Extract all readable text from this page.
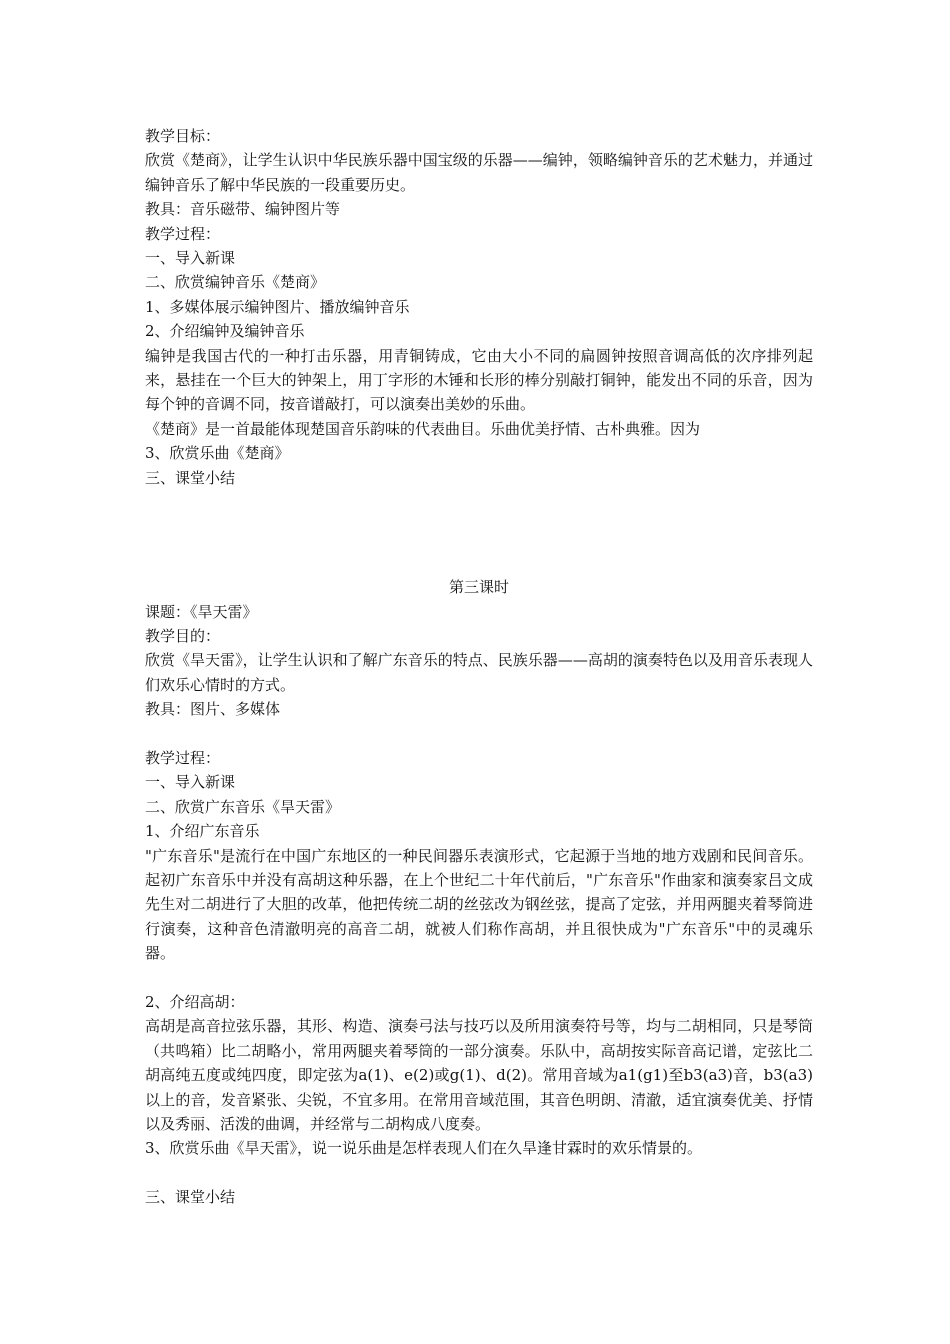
教学目标：
欣赏《楚商》，让学生认识中华民族乐器中国宝级的乐器——编钟，领略编钟音乐的艺术魅力，并通过编钟音乐了解中华民族的一段重要历史。
教具：音乐磁带、编钟图片等
教学过程：
一、导入新课
二、欣赏编钟音乐《楚商》
1、多媒体展示编钟图片、播放编钟音乐
2、介绍编钟及编钟音乐
编钟是我国古代的一种打击乐器，用青铜铸成，它由大小不同的扁圆钟按照音调高低的次序排列起来，悬挂在一个巨大的钟架上，用丁字形的木锤和长形的棒分别敲打铜钟，能发出不同的乐音，因为每个钟的音调不同，按音谱敲打，可以演奏出美妙的乐曲。
《楚商》是一首最能体现楚国音乐韵味的代表曲目。乐曲优美抒情、古朴典雅。因为
3、欣赏乐曲《楚商》
三、课堂小结
第三课时
课题：《旱天雷》
教学目的：
欣赏《旱天雷》，让学生认识和了解广东音乐的特点、民族乐器——高胡的演奏特色以及用音乐表现人们欢乐心情时的方式。
教具：图片、多媒体
教学过程：
一、导入新课
二、欣赏广东音乐《旱天雷》
1、介绍广东音乐
"广东音乐"是流行在中国广东地区的一种民间器乐表演形式，它起源于当地的地方戏剧和民间音乐。起初广东音乐中并没有高胡这种乐器，在上个世纪二十年代前后，"广东音乐"作曲家和演奏家吕文成先生对二胡进行了大胆的改革，他把传统二胡的丝弦改为钢丝弦，提高了定弦，并用两腿夹着琴筒进行演奏，这种音色清澈明亮的高音二胡，就被人们称作高胡，并且很快成为"广东音乐"中的灵魂乐器。
2、介绍高胡：
高胡是高音拉弦乐器，其形、构造、演奏弓法与技巧以及所用演奏符号等，均与二胡相同，只是琴筒（共鸣箱）比二胡略小，常用两腿夹着琴筒的一部分演奏。乐队中，高胡按实际音高记谱，定弦比二胡高纯五度或纯四度，即定弦为a(1)、e(2)或g(1)、d(2)。常用音域为a1(g1)至b3(a3)音，b3(a3)以上的音，发音紧张、尖锐，不宜多用。在常用音域范围，其音色明朗、清澈，适宜演奏优美、抒情以及秀丽、活泼的曲调，并经常与二胡构成八度奏。
3、欣赏乐曲《旱天雷》，说一说乐曲是怎样表现人们在久旱逢甘霖时的欢乐情景的。
三、课堂小结
